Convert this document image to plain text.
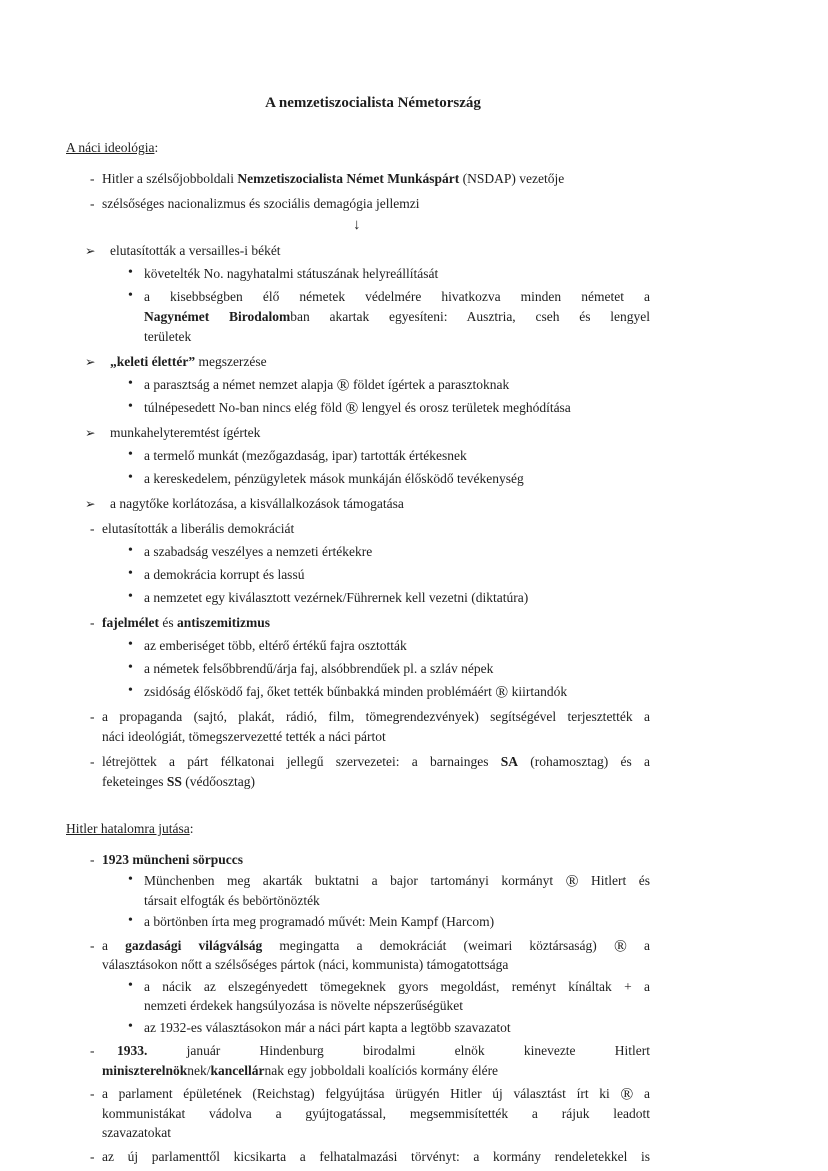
A nemzetiszocialista Németország
A náci ideológia:
- Hitler a szélsőjobboldali Nemzetiszocialista Német Munkáspárt (NSDAP) vezetője
- szélsőséges nacionalizmus és szociális demagógia jellemzi
↓
➢ elutasították a versailles-i békét
• követelték No. nagyhatalmi státuszának helyreállítását
• a kisebbségben élő németek védelmére hivatkozva minden németet a
Nagynémet Birodalomban akartak egyesíteni: Ausztria, cseh és lengyel
területek
➢ „keleti élettér” megszerzése
• a parasztság a német nemzet alapja ® földet ígértek a parasztoknak
• túlnépesedett No-ban nincs elég föld ® lengyel és orosz területek meghódítása
➢ munkahelyteremtést ígértek
• a termelő munkát (mezőgazdaság, ipar) tartották értékesnek
• a kereskedelem, pénzügyletek mások munkáján élősködő tevékenység
➢ a nagytőke korlátozása, a kisvállalkozások támogatása
- elutasították a liberális demokráciát
• a szabadság veszélyes a nemzeti értékekre
• a demokrácia korrupt és lassú
• a nemzetet egy kiválasztott vezérnek/Führernek kell vezetni (diktatúra)
- fajelmélet és antiszemitizmus
• az emberiséget több, eltérő értékű fajra osztották
• a németek felsőbbrendű/árja faj, alsóbbrendűek pl. a szláv népek
• zsidóság élősködő faj, őket tették bűnbakká minden problémáért ® kiirtandók
- a propaganda (sajtó, plakát, rádió, film, tömegrendezvények) segítségével terjesztették a
náci ideológiát, tömegszervezetté tették a náci pártot
- létrejöttek a párt félkatonai jellegű szervezetei: a barnainges SA (rohamosztag) és a
feketeinges SS (védőosztag)
Hitler hatalomra jutása:
- 1923 müncheni sörpuccs
• Münchenben meg akarták buktatni a bajor tartományi kormányt ® Hitlert és
társait elfogták és bebörtönözték
• a börtönben írta meg programadó művét: Mein Kampf (Harcom)
- a gazdasági világválság megingatta a demokráciát (weimari köztársaság) ® a
választásokon nőtt a szélsőséges pártok (náci, kommunista) támogatottsága
• a nácik az elszegényedett tömegeknek gyors megoldást, reményt kínáltak + a
nemzeti érdekek hangsúlyozása is növelte népszerűségüket
• az 1932-es választásokon már a náci párt kapta a legtöbb szavazatot
-	1933. január Hindenburg birodalmi elnök kinevezte Hitlert
miniszterelnöknek/kancellárnak egy jobboldali koalíciós kormány élére
- a parlament épületének (Reichstag) felgyújtása ürügyén Hitler új választást írt ki ® a
kommunistákat vádolva a gyújtogatással, megsemmisítették a rájuk leadott
szavazatokat
- az új parlamenttől kicsikarta a felhatalmazási törvényt: a kormány rendeletekkel is
